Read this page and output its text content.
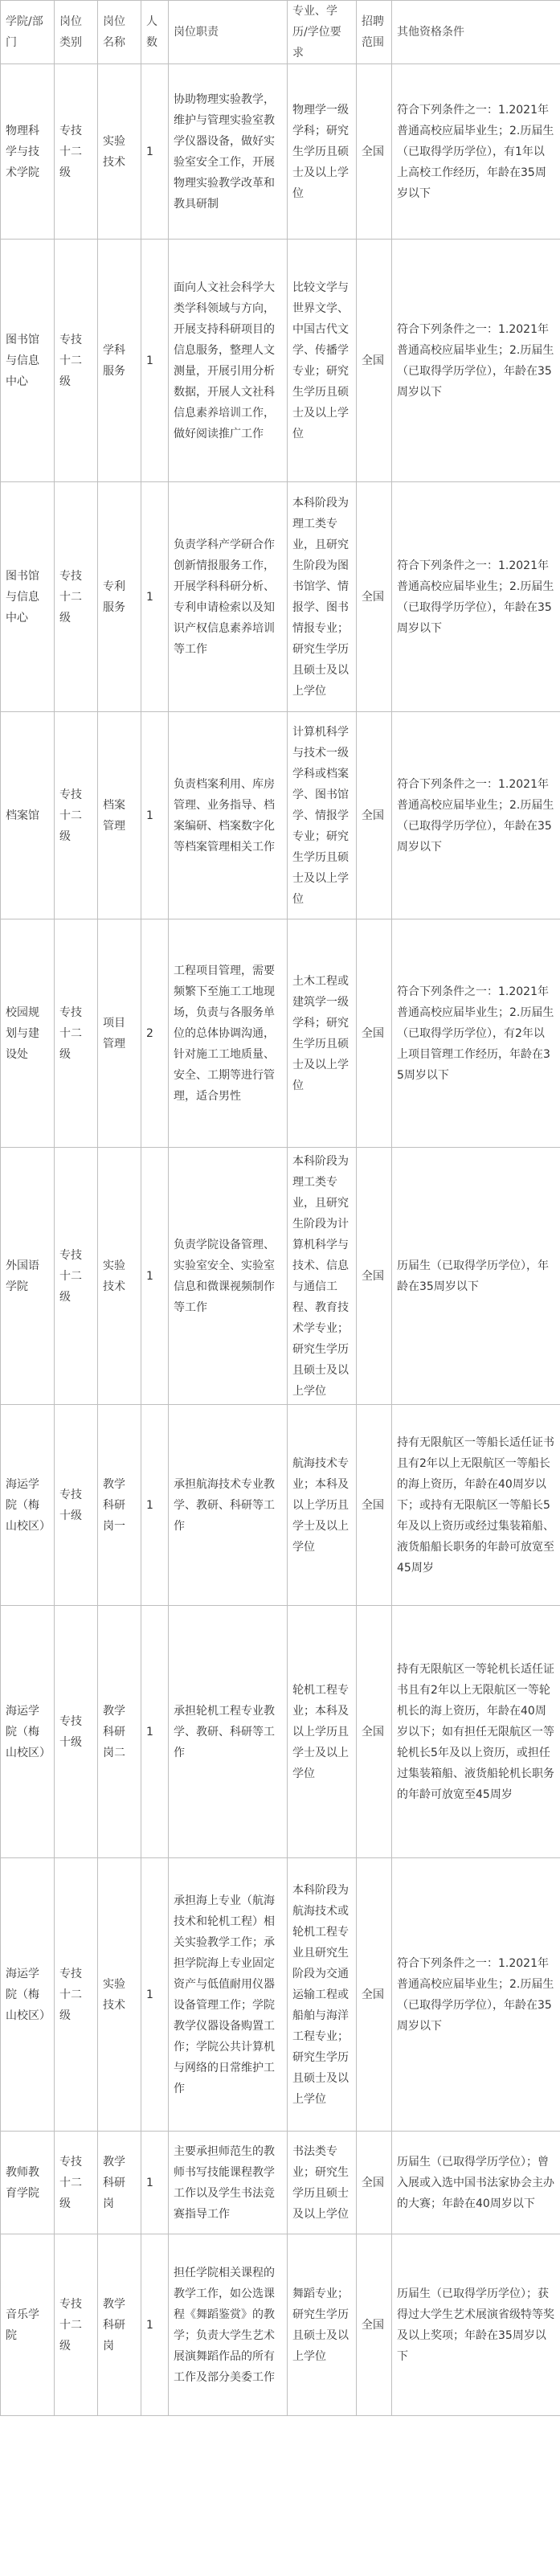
学院/部门	岗位类别	岗位名称	人数	岗位职责	专业、学历/学位要求	招聘范围	其他资格条件
物理科学与技术学院	专技十二级	实验技术	1	协助物理实验教学，维护与管理实验室教学仪器设备，做好实验室安全工作，开展物理实验教学改革和教具研制	物理学一级学科；研究生学历且硕士及以上学位	全国	符合下列条件之一：1.2021年普通高校应届毕业生；2.历届生（已取得学历学位），有1年以上高校工作经历，年龄在35周岁以下
图书馆与信息中心	专技十二级	学科服务	1	面向人文社会科学大类学科领域与方向，开展支持科研项目的信息服务，整理人文测量，开展引用分析数据，开展人文社科信息素养培训工作，做好阅读推广工作	比较文学与世界文学、中国古代文学、传播学专业；研究生学历且硕士及以上学位	全国	符合下列条件之一：1.2021年普通高校应届毕业生；2.历届生（已取得学历学位），年龄在35周岁以下
图书馆与信息中心	专技十二级	专利服务	1	负责学科产学研合作创新情报服务工作，开展学科科研分析、专利申请检索以及知识产权信息素养培训等工作	本科阶段为理工类专业，且研究生阶段为图书馆学、情报学、图书情报专业；研究生学历且硕士及以上学位	全国	符合下列条件之一：1.2021年普通高校应届毕业生；2.历届生（已取得学历学位），年龄在35周岁以下
档案馆	专技十二级	档案管理	1	负责档案利用、库房管理、业务指导、档案编研、档案数字化等档案管理相关工作	计算机科学与技术一级学科或档案学、图书馆学、情报学专业；研究生学历且硕士及以上学位	全国	符合下列条件之一：1.2021年普通高校应届毕业生；2.历届生（已取得学历学位），年龄在35周岁以下
校园规划与建设处	专技十二级	项目管理	2	工程项目管理，需要频繁下至施工工地现场，负责与各服务单位的总体协调沟通，针对施工工地质量、安全、工期等进行管理，适合男性	土木工程或建筑学一级学科；研究生学历且硕士及以上学位	全国	符合下列条件之一：1.2021年普通高校应届毕业生；2.历届生（已取得学历学位），有2年以上项目管理工作经历，年龄在35周岁以下
外国语学院	专技十二级	实验技术	1	负责学院设备管理、实验室安全、实验室信息和微课视频制作等工作	本科阶段为理工类专业，且研究生阶段为计算机科学与技术、信息与通信工程、教育技术学专业；研究生学历且硕士及以上学位	全国	历届生（已取得学历学位），年龄在35周岁以下
海运学院（梅山校区）	专技十级	教学科研岗一	1	承担航海技术专业教学、教研、科研等工作	航海技术专业；本科及以上学历且学士及以上学位	全国	持有无限航区一等船长适任证书且有2年以上无限航区一等船长的海上资历，年龄在40周岁以下；或持有无限航区一等船长5年及以上资历或经过集装箱船、液货船船长职务的年龄可放宽至45周岁
海运学院（梅山校区）	专技十级	教学科研岗二	1	承担轮机工程专业教学、教研、科研等工作	轮机工程专业；本科及以上学历且学士及以上学位	全国	持有无限航区一等轮机长适任证书且有2年以上无限航区一等轮机长的海上资历，年龄在40周岁以下；如有担任无限航区一等轮机长5年及以上资历，或担任过集装箱船、液货船轮机长职务的年龄可放宽至45周岁
海运学院（梅山校区）	专技十二级	实验技术	1	承担海上专业（航海技术和轮机工程）相关实验教学工作；承担学院海上专业固定资产与低值耐用仪器设备管理工作；学院教学仪器设备购置工作；学院公共计算机与网络的日常维护工作	本科阶段为航海技术或轮机工程专业且研究生阶段为交通运输工程或船舶与海洋工程专业；研究生学历且硕士及以上学位	全国	符合下列条件之一：1.2021年普通高校应届毕业生；2.历届生（已取得学历学位），年龄在35周岁以下
教师教育学院	专技十二级	教学科研岗	1	主要承担师范生的教师书写技能课程教学工作以及学生书法竞赛指导工作	书法类专业；研究生学历且硕士及以上学位	全国	历届生（已取得学历学位）；曾入展或入选中国书法家协会主办的大赛；年龄在40周岁以下
音乐学院	专技十二级	教学科研岗	1	担任学院相关课程的教学工作，如公选课程《舞蹈鉴赏》的教学；负责大学生艺术展演舞蹈作品的所有工作及部分美委工作	舞蹈专业；研究生学历且硕士及以上学位	全国	历届生（已取得学历学位）；获得过大学生艺术展演省级特等奖及以上奖项；年龄在35周岁以下
